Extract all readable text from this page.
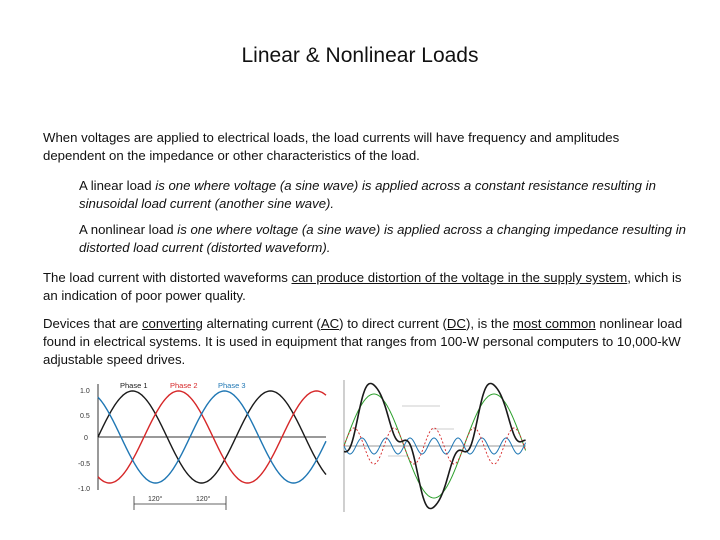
Linear & Nonlinear Loads
When voltages are applied to electrical loads, the load currents will have frequency and amplitudes dependent on the impedance or other characteristics of the load.
A linear load is one where voltage (a sine wave) is applied across a constant resistance resulting in sinusoidal load current (another sine wave).
A nonlinear load is one where voltage (a sine wave) is applied across a changing impedance resulting in distorted load current (distorted waveform).
The load current with distorted waveforms can produce distortion of the voltage in the supply system, which is an indication of poor power quality.
Devices that are converting alternating current (AC) to direct current (DC), is the most common nonlinear load found in electrical systems. It is used in equipment that ranges from 100-W personal computers to 10,000-kW adjustable speed drives.
1.0
0.5
0
-0.5
-1.0
Phase 1	Phase 2	Phase 3
120°	120°
